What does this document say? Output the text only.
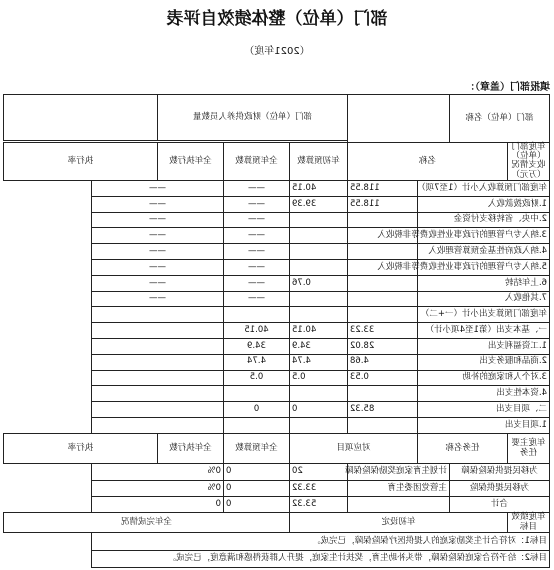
部门（单位）整体绩效自评表
（2021年度）
填报部门（盖章）：
部门（单位）名称				部门（单位）财政供养人员数量			

年度部门（单位）收支情况（万元）	名称			年初预算数	全年预算数	全年执行数	执行率
年度部门预算收入小计（1至7项）			118.55	40.15	——	——	
1.财政拨款收入			118.55	39.39	——	——	
2.中央、省转移支付资金					——	——	
3.纳入专户管理的行政事业性收费等非税收入					——	——	
4.纳入政府性基金预算管理收入					——	——	
5.纳入专户管理的行政事业性收费等非税收入					——	——	
6.上年结转				0.76	——	——	
7.其他收入					——	——	
年度部门预算支出小计（一+二）							
一、基本支出（第1至4项小计）			33.23	40.15	40.15		
1.工资福利支出			28.02	34.9	34.9		
2.商品和服务支出			4.68	4.74	4.74		
3.对个人和家庭的补助			0.53	0.5	0.5		
4.资本性支出							
二、项目支出			85.32	0	0		
1.项目支出							
年度主要任务	任务名称		对应项目		全年预算数	全年执行数	执行率
为移民提供保险保障		计划生育家庭奖励保险保障		20	0	0%	
为移民提供保险		主管党团委生育		33.32	0	0%	
合计				53.32	0	0	
年度绩效目标	年初设定				全年完成情况		
目标1：对符合计生奖励家庭的人提供医疗保险保障，已完成。							
目标2：给予符合家庭保险保障，带头补助生育，奖扶计生家庭，提升人群获得感和满意度，已完成。							
